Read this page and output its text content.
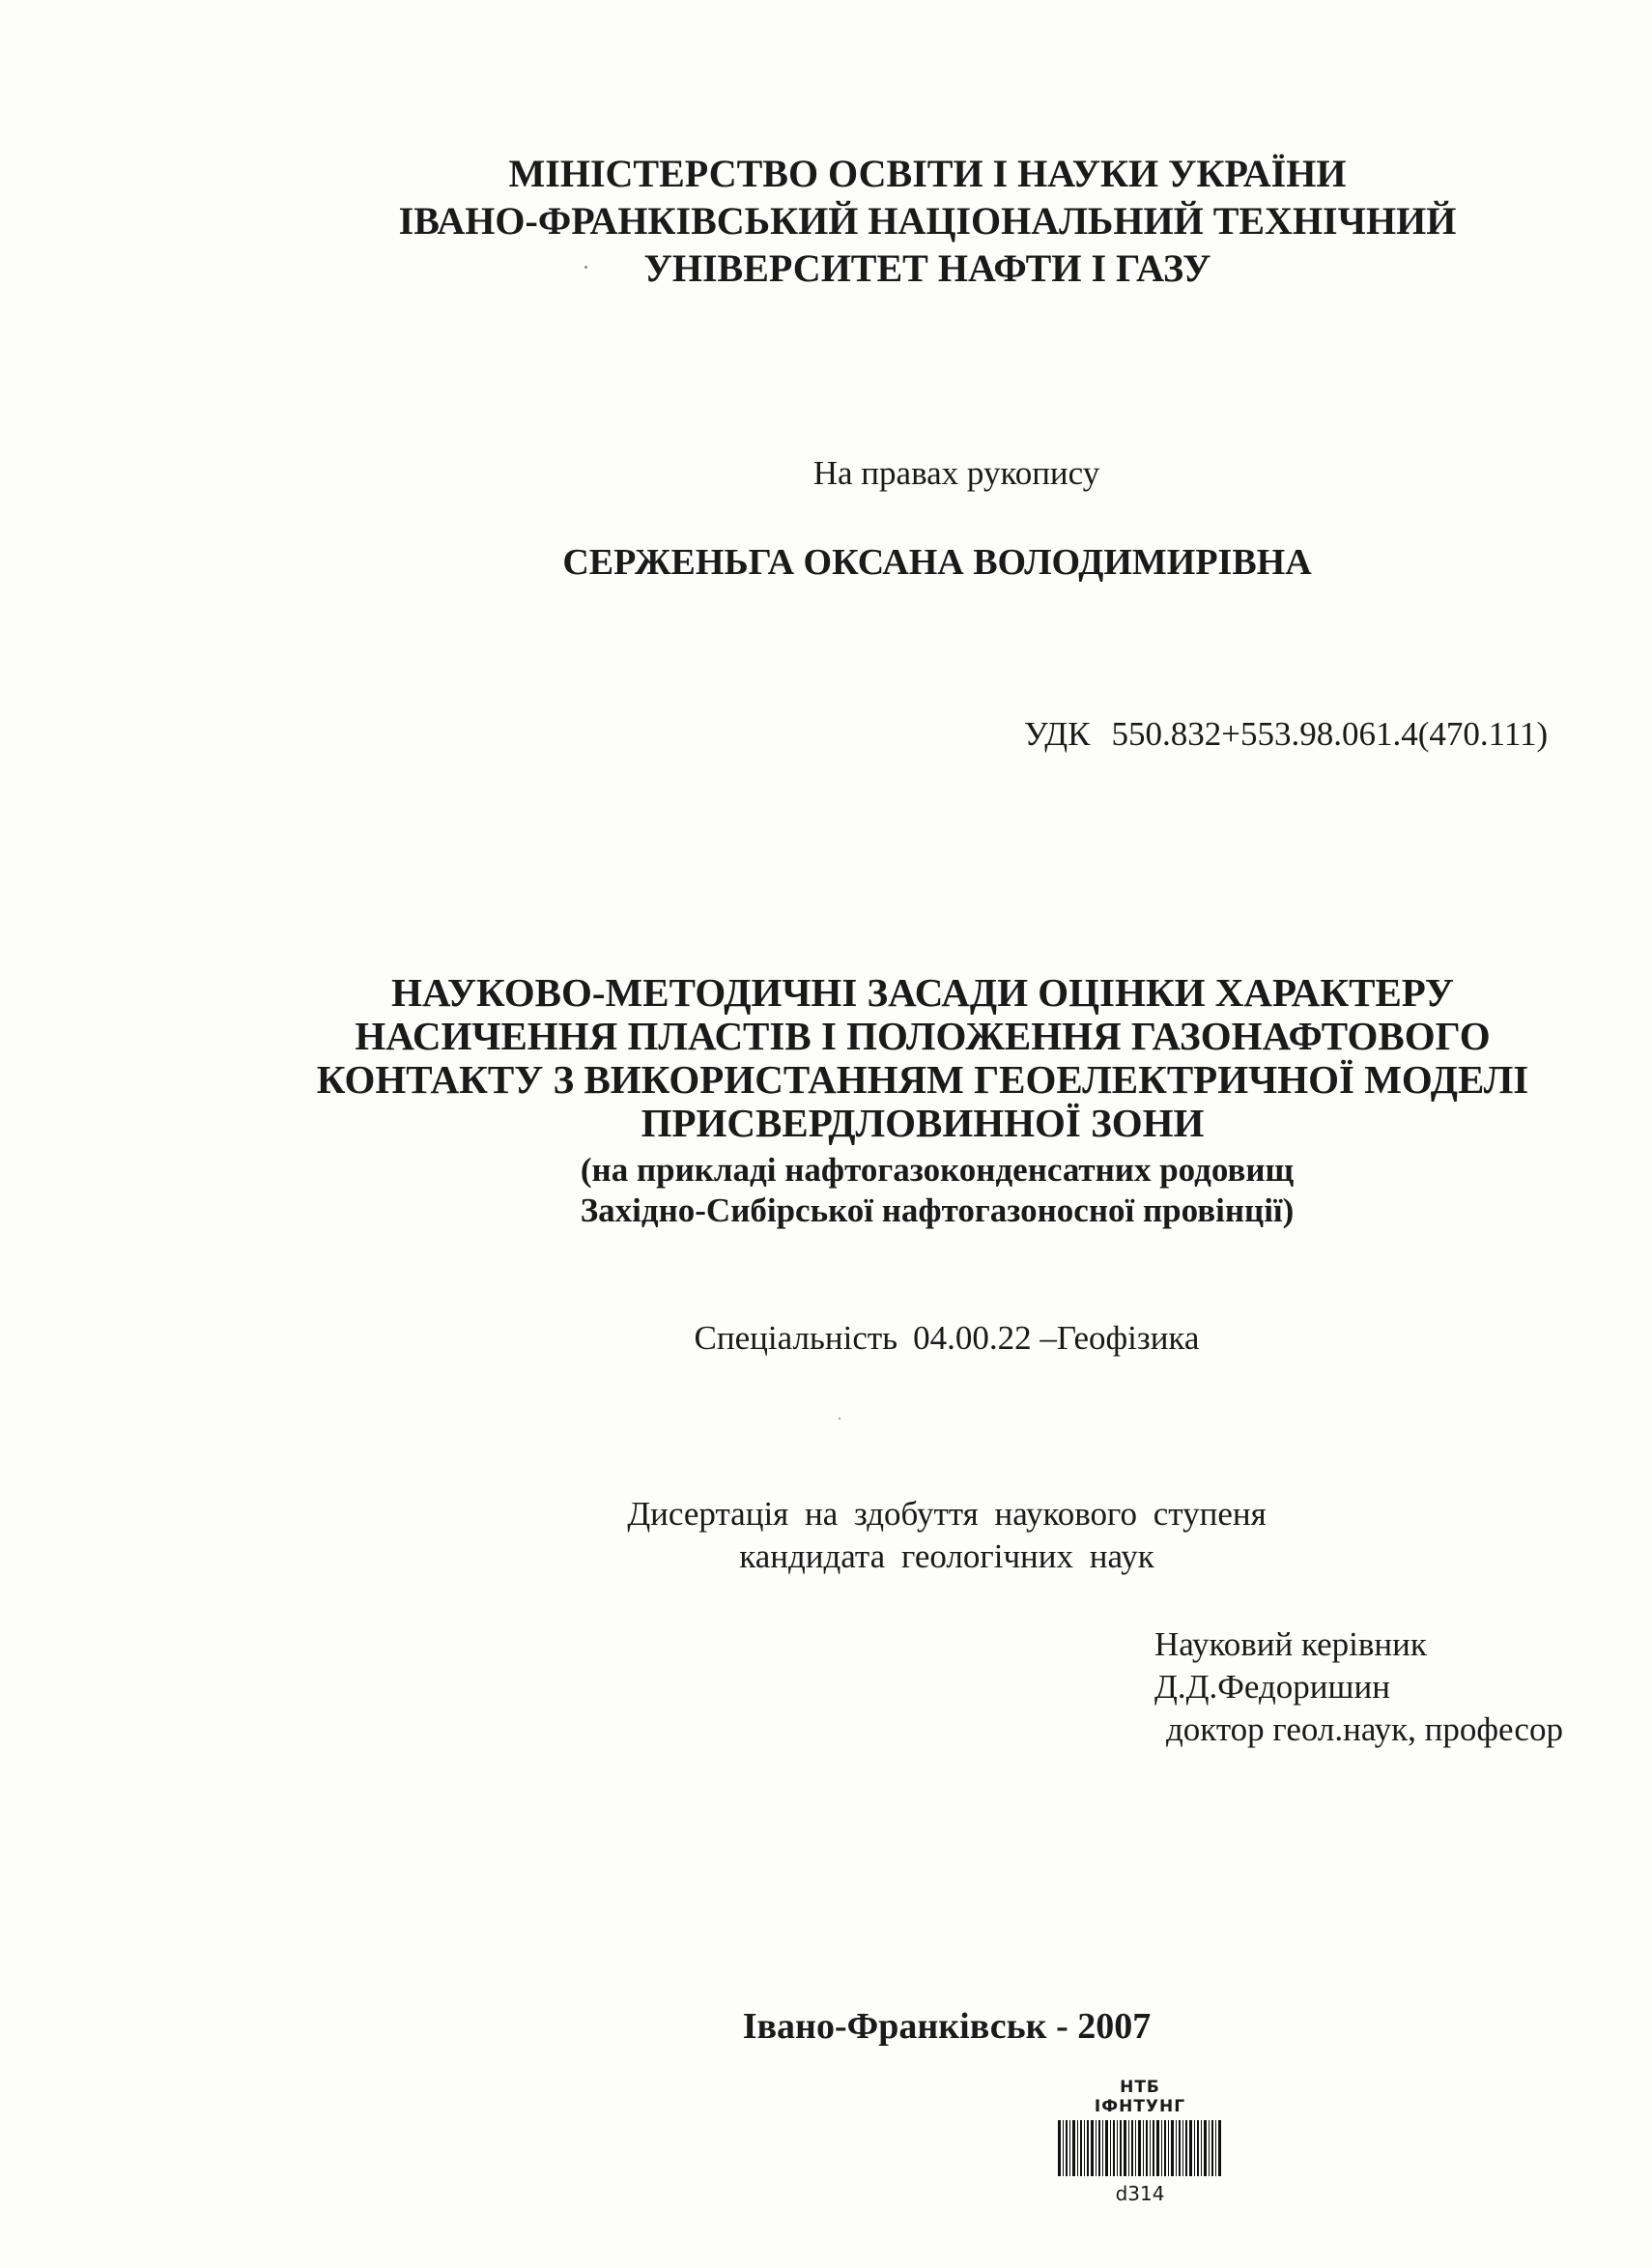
МІНІСТЕРСТВО ОСВІТИ І НАУКИ УКРАЇНИ
ІВАНО-ФРАНКІВСЬКИЙ НАЦІОНАЛЬНИЙ ТЕХНІЧНИЙ
УНІВЕРСИТЕТ НАФТИ І ГАЗУ
На правах рукопису
СЕРЖЕНЬГА ОКСАНА ВОЛОДИМИРІВНА
УДК 550.832+553.98.061.4(470.111)
НАУКОВО-МЕТОДИЧНІ ЗАСАДИ ОЦІНКИ ХАРАКТЕРУ
НАСИЧЕННЯ ПЛАСТІВ І ПОЛОЖЕННЯ ГАЗОНАФТОВОГО
КОНТАКТУ З ВИКОРИСТАННЯМ ГЕОЕЛЕКТРИЧНОЇ МОДЕЛІ
ПРИСВЕРДЛОВИННОЇ ЗОНИ
(на прикладі нафтогазоконденсатних родовищ
Західно-Сибірської нафтогазоносної провінції)
Спеціальність 04.00.22 –Геофізика
Дисертація на здобуття наукового ступеня
кандидата геологічних наук
Науковий керівник
Д.Д.Федоришин
доктор геол.наук, професор
Івано-Франківськ - 2007
НТБ
ІФНТУНГ
d314
